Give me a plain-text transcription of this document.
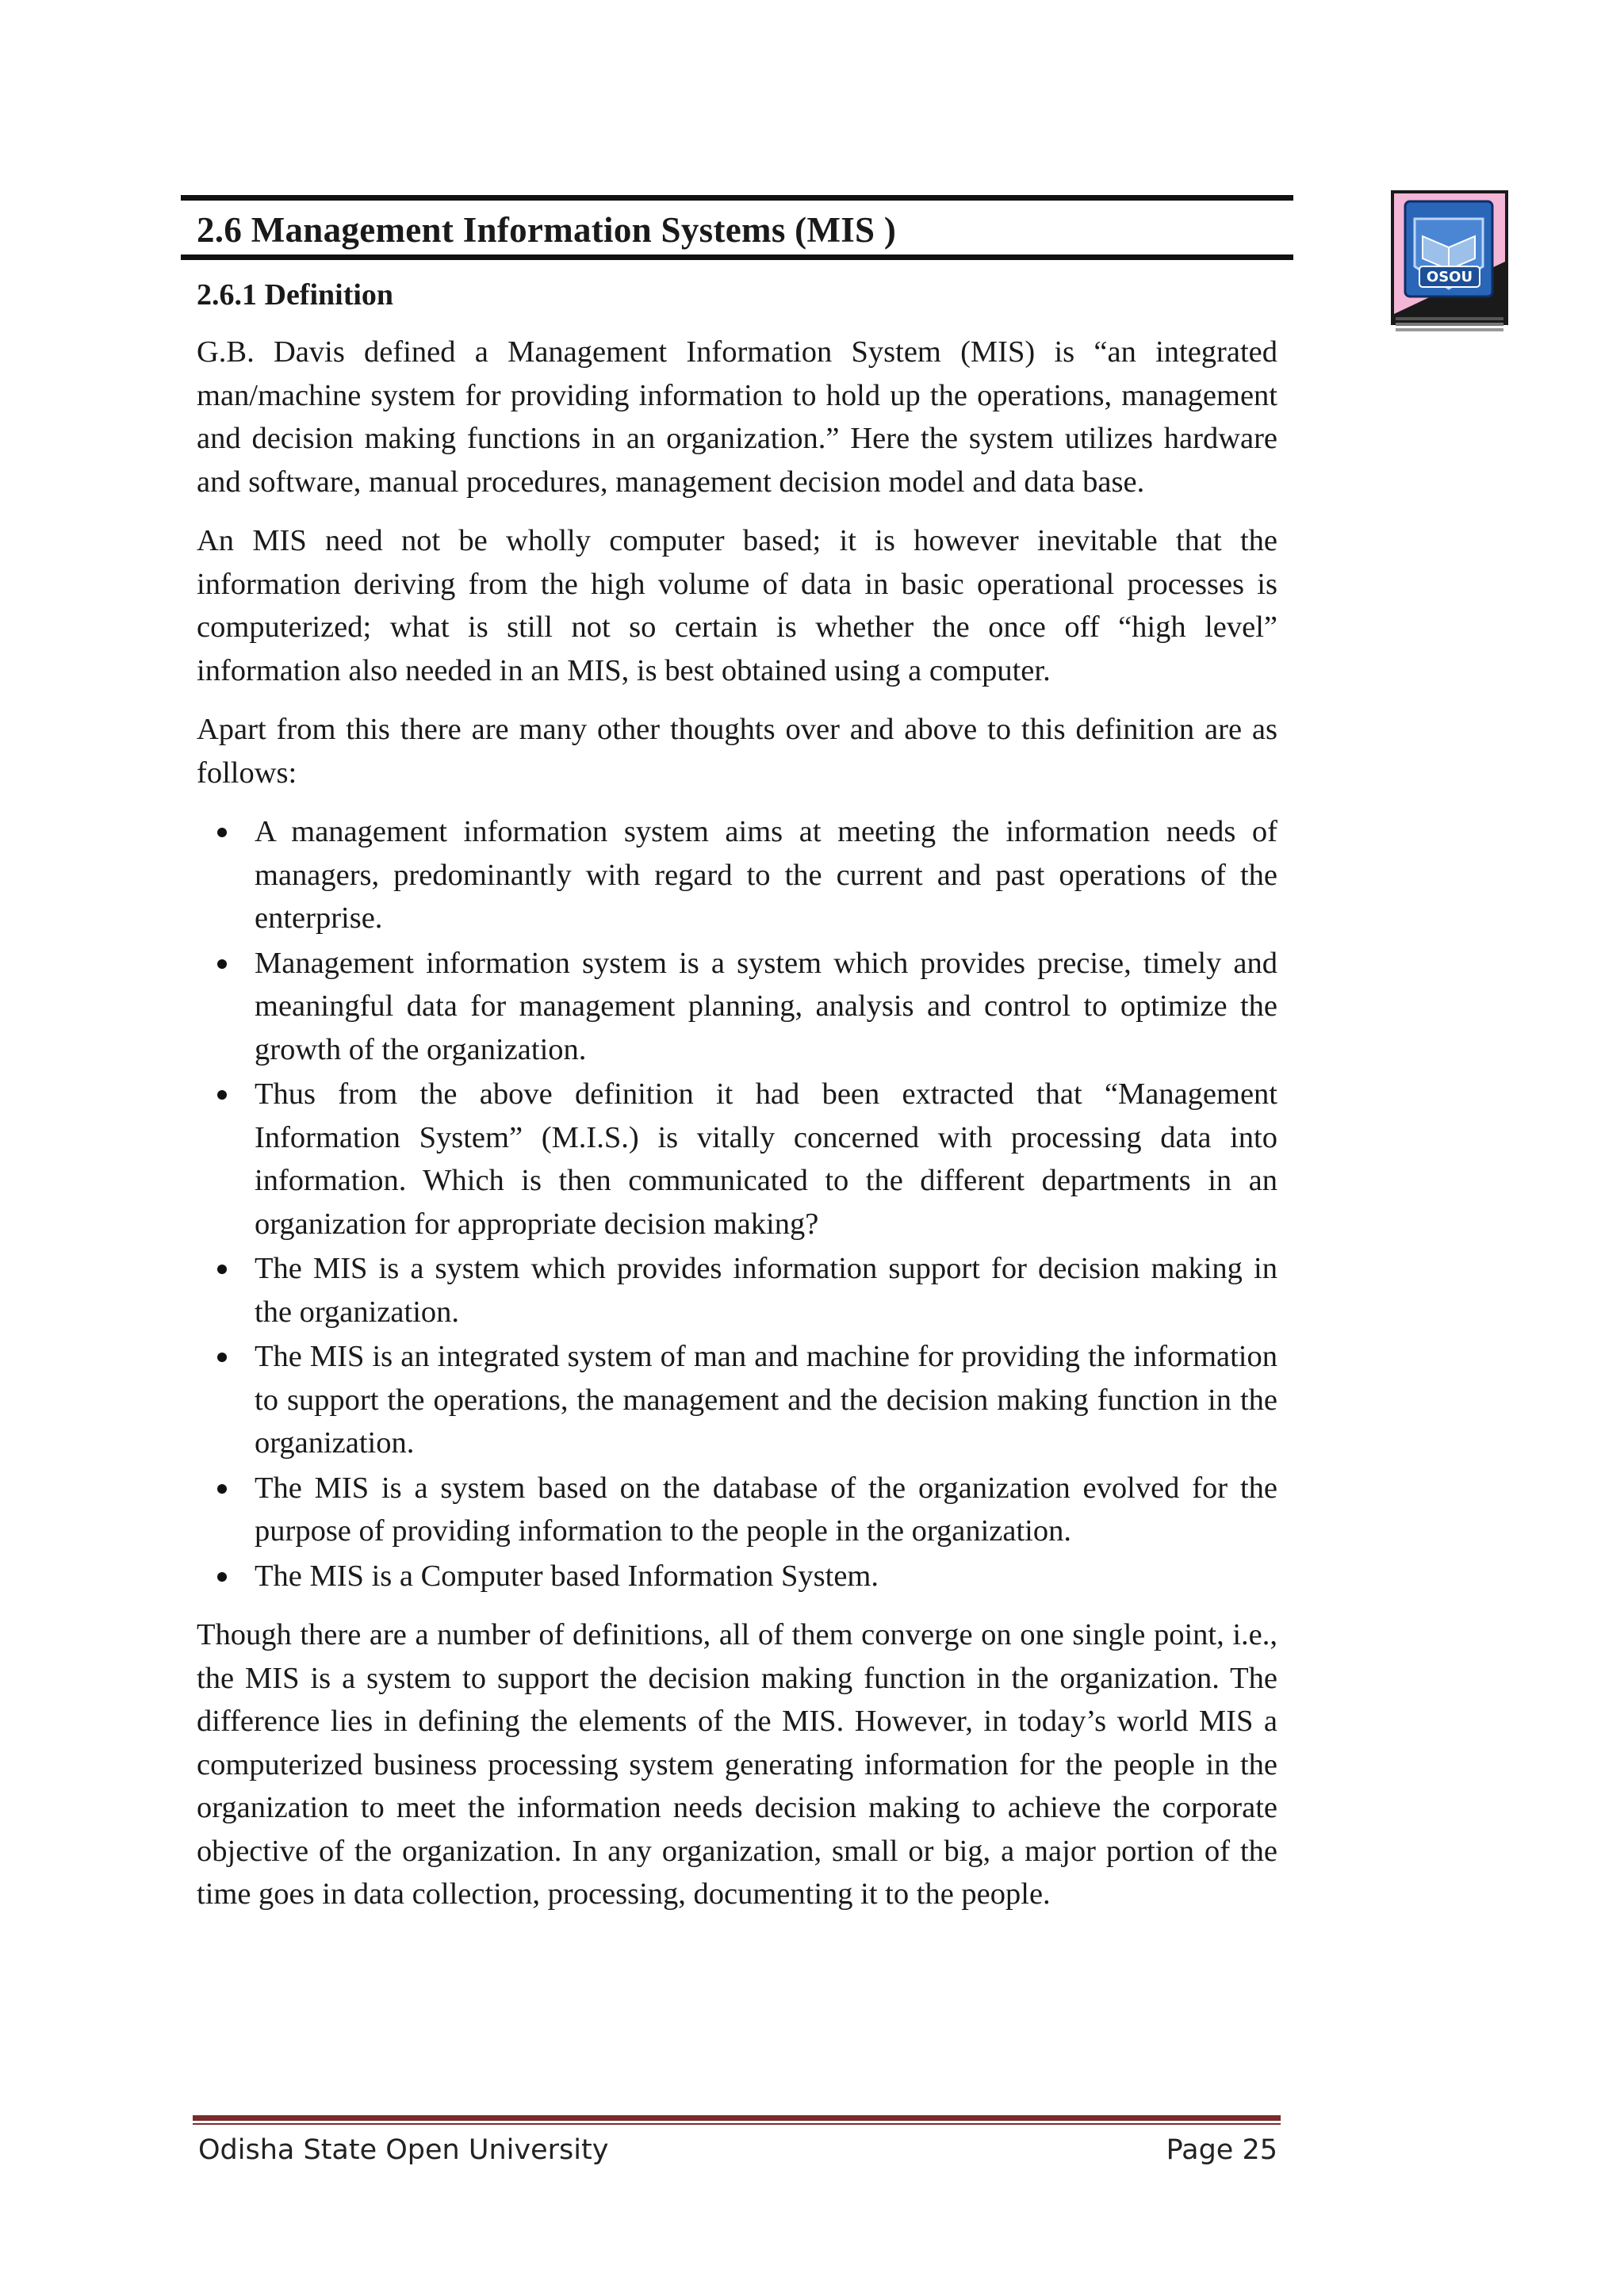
2.6 Management Information Systems (MIS )
OSOU
2.6.1 Definition

G.B. Davis defined a Management Information System (MIS) is “an integrated man/machine system for providing information to hold up the operations, management and decision making functions in an organization.” Here the system utilizes hardware and software, manual procedures, management decision model and data base.

An MIS need not be wholly computer based; it is however inevitable that the information deriving from the high volume of data in basic operational processes is computerized; what is still not so certain is whether the once off “high level” information also needed in an MIS, is best obtained using a computer.

Apart from this there are many other thoughts over and above to this definition are as follows:

A management information system aims at meeting the information needs of managers, predominantly with regard to the current and past operations of the enterprise.
Management information system is a system which provides precise, timely and meaningful data for management planning, analysis and control to optimize the growth of the organization.
Thus from the above definition it had been extracted that “Management Information System” (M.I.S.) is vitally concerned with processing data into information. Which is then communicated to the different departments in an organization for appropriate decision making?
The MIS is a system which provides information support for decision making in the organization.
The MIS is an integrated system of man and machine for providing the information to support the operations, the management and the decision making function in the organization.
The MIS is a system based on the database of the organization evolved for the purpose of providing information to the people in the organization.
The MIS is a Computer based Information System.

Though there are a number of definitions, all of them converge on one single point, i.e., the MIS is a system to support the decision making function in the organization. The difference lies in defining the elements of the MIS. However, in today’s world MIS a computerized business processing system generating information for the people in the organization to meet the information needs decision making to achieve the corporate objective of the organization. In any organization, small or big, a major portion of the time goes in data collection, processing, documenting it to the people.

Odisha State Open University	Page 25
